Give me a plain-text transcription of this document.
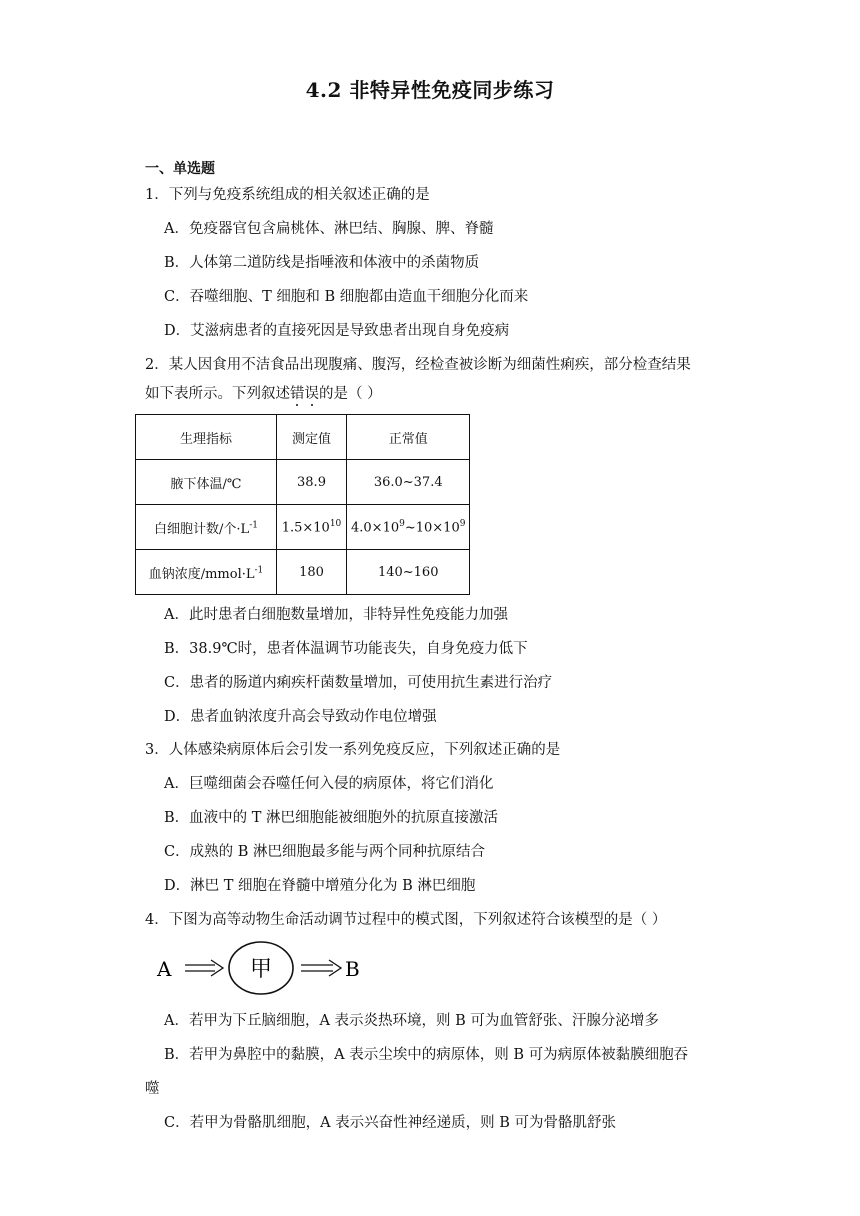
4.2 非特异性免疫同步练习
一、单选题
1．下列与免疫系统组成的相关叙述正确的是
A．免疫器官包含扁桃体、淋巴结、胸腺、脾、脊髓
B．人体第二道防线是指唾液和体液中的杀菌物质
C．吞噬细胞、T 细胞和 B 细胞都由造血干细胞分化而来
D．艾滋病患者的直接死因是导致患者出现自身免疫病
2．某人因食用不洁食品出现腹痛、腹泻，经检查被诊断为细菌性痢疾，部分检查结果
如下表所示。下列叙述错误的是（ ）
生理指标	测定值	正常值
腋下体温/℃	38.9	36.0~37.4
白细胞计数/个$\cdot L^{-1}$	$1.5\times 10^{10}$	$4.0\times 10^9\sim 10\times 10^9$
血钠浓度$/mmol\cdot L^{-1}$	180	140~160
A．此时患者白细胞数量增加，非特异性免疫能力加强
B．38.9℃时，患者体温调节功能丧失，自身免疫力低下
C．患者的肠道内痢疾杆菌数量增加，可使用抗生素进行治疗
D．患者血钠浓度升高会导致动作电位增强
3．人体感染病原体后会引发一系列免疫反应，下列叙述正确的是
A．巨噬细菌会吞噬任何入侵的病原体，将它们消化
B．血液中的 T 淋巴细胞能被细胞外的抗原直接激活
C．成熟的 B 淋巴细胞最多能与两个同种抗原结合
D．淋巴 T 细胞在脊髓中增殖分化为 B 淋巴细胞
4．下图为高等动物生命活动调节过程中的模式图，下列叙述符合该模型的是（ ）
A	甲	B
A．若甲为下丘脑细胞，A 表示炎热环境，则 B 可为血管舒张、汗腺分泌增多
B．若甲为鼻腔中的黏膜，A 表示尘埃中的病原体，则 B 可为病原体被黏膜细胞吞
噬
C．若甲为骨骼肌细胞，A 表示兴奋性神经递质，则 B 可为骨骼肌舒张
